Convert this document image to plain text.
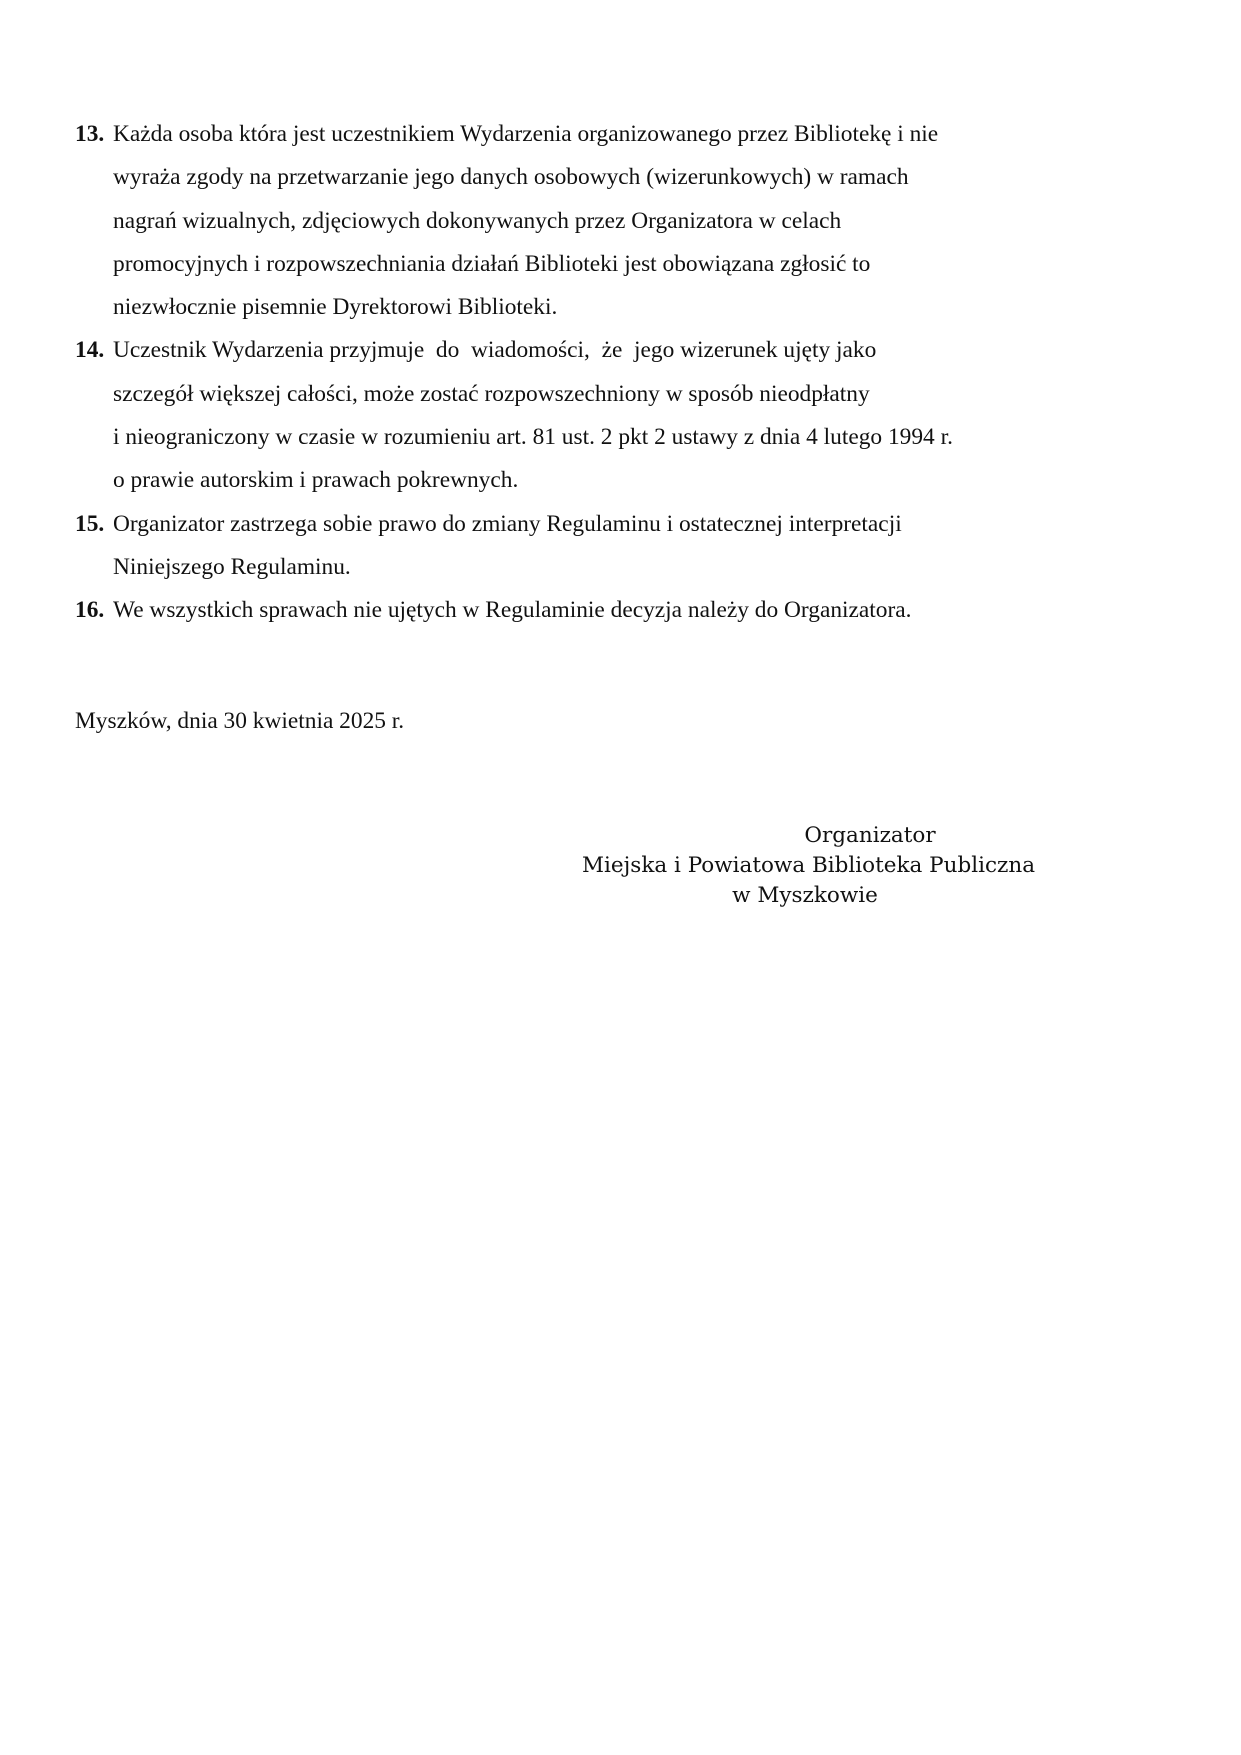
13. Każda osoba która jest uczestnikiem Wydarzenia organizowanego przez Bibliotekę i nie
wyraża zgody na przetwarzanie jego danych osobowych (wizerunkowych) w ramach
nagrań wizualnych, zdjęciowych dokonywanych przez Organizatora w celach
promocyjnych i rozpowszechniania działań Biblioteki jest obowiązana zgłosić to
niezwłocznie pisemnie Dyrektorowi Biblioteki.
14. Uczestnik Wydarzenia przyjmuje  do  wiadomości,  że  jego wizerunek ujęty jako
szczegół większej całości, może zostać rozpowszechniony w sposób nieodpłatny
i nieograniczony w czasie w rozumieniu art. 81 ust. 2 pkt 2 ustawy z dnia 4 lutego 1994 r.
o prawie autorskim i prawach pokrewnych.
15. Organizator zastrzega sobie prawo do zmiany Regulaminu i ostatecznej interpretacji
Niniejszego Regulaminu.
16. We wszystkich sprawach nie ujętych w Regulaminie decyzja należy do Organizatora.
Myszków, dnia 30 kwietnia 2025 r.
Organizator
Miejska i Powiatowa Biblioteka Publiczna
w Myszkowie
